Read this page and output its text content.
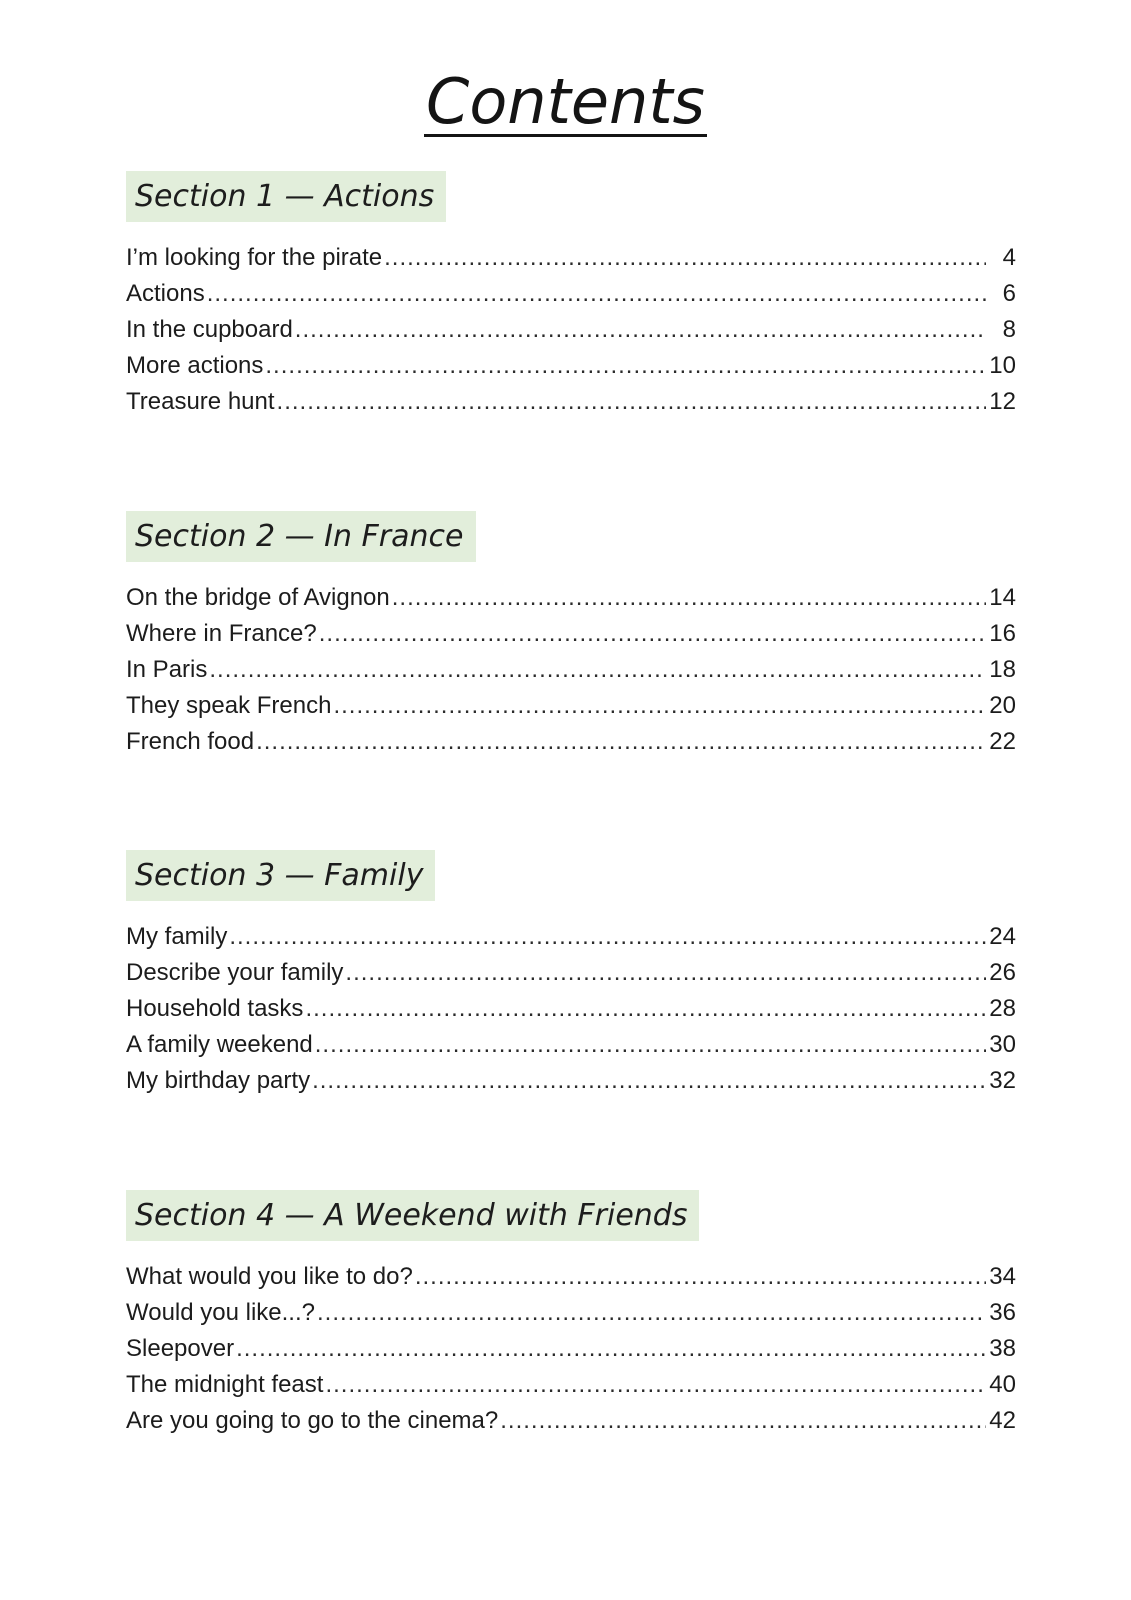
Contents
Section 1 — Actions
I’m looking for the pirate .....	4
Actions .....	6
In the cupboard .....	8
More actions .....	10
Treasure hunt .....	12
Section 2 — In France
On the bridge of Avignon .....	14
Where in France? .....	16
In Paris .....	18
They speak French .....	20
French food .....	22
Section 3 — Family
My family .....	24
Describe your family .....	26
Household tasks .....	28
A family weekend .....	30
My birthday party .....	32
Section 4 — A Weekend with Friends
What would you like to do? .....	34
Would you like...? .....	36
Sleepover .....	38
The midnight feast .....	40
Are you going to go to the cinema? .....	42
